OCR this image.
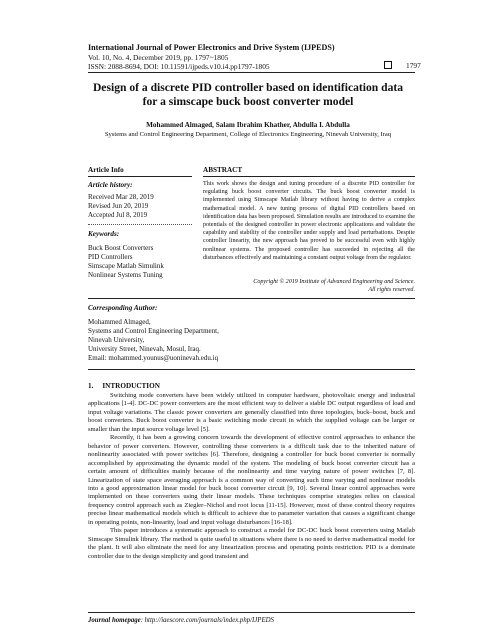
International Journal of Power Electronics and Drive System (IJPEDS)
Vol. 10, No. 4, December 2019, pp. 1797~1805
ISSN: 2088-8694, DOI: 10.11591/ijpeds.v10.i4.pp1797-1805	1797
Design of a discrete PID controller based on identification data
for a simscape buck boost converter model
Mohammed Almaged, Salam Ibrahim Khather, Abdulla I. Abdulla
Systems and Control Engineering Department, College of Electronics Engineering, Ninevah University, Iraq
Article Info	ABSTRACT
Article history:
Received Mar 28, 2019
Revised Jun 20, 2019
Accepted Jul 8, 2019
Keywords:
Buck Boost Converters
PID Controllers
Simscape Matlab Simulink
Nonlinear Systems Tuning
This work shows the design and tuning procedure of a discrete PID controller for regulating buck boost converter circuits. The buck boost converter model is implemented using Simscape Matlab library without having to derive a complex mathematical model. A new tuning process of digital PID controllers based on identification data has been proposed. Simulation results are introduced to examine the potentials of the designed controller in power electronic applications and validate the capability and stability of the controller under supply and load perturbations. Despite controller linearity, the new approach has proved to be successful even with highly nonlinear systems. The proposed controller has succeeded in rejecting all the disturbances effectively and maintaining a constant output voltage from the regulator.
Copyright © 2019 Institute of Advanced Engineering and Science.
All rights reserved.
Corresponding Author:
Mohammed Almaged,
Systems and Control Engineering Department,
Ninevah University,
University Street, Ninevah, Mosul, Iraq.
Email: mohammed.younus@uoninevah.edu.iq
1.     INTRODUCTION

Switching mode converters have been widely utilized in computer hardware, photovoltaic energy and industrial applications [1-4]. DC-DC power converters are the most efficient way to deliver a stable DC output regardless of load and input voltage variations. The classic power converters are generally classified into three topologies, buck–boost, buck and boost converters. Buck boost converter is a basic switching mode circuit in which the supplied voltage can be larger or smaller than the input source voltage level [5].

Recently, it has been a growing concern towards the development of effective control approaches to enhance the behavior of power converters. However, controlling these converters is a difficult task due to the inherited nature of nonlinearity associated with power switches [6]. Therefore, designing a controller for buck boost converter is normally accomplished by approximating the dynamic model of the system. The modeling of buck boost converter circuit has a certain amount of difficulties mainly because of the nonlinearity and time varying nature of power switches [7, 8]. Linearization of state space averaging approach is a common way of converting such time varying and nonlinear models into a good approximation linear model for buck boost converter circuit [9, 10]. Several linear control approaches were implemented on these converters using their linear models. These techniques comprise strategies relies on classical frequency control approach such as Ziegler–Nichol and root locus [11-15]. However, most of these control theory requires precise linear mathematical models which is difficult to achieve due to parameter variation that causes a significant change in operating points, non-linearity, load and input voltage disturbances [16-18].

This paper introduces a systematic approach to construct a model for DC-DC buck boost converters using Matlab Simscape Simulink library. The method is quite useful in situations where there is no need to derive mathematical model for the plant. It will also eliminate the need for any linearization process and operating points restriction. PID is a dominate controller due to the design simplicity and good transient and

Journal homepage: http://iaescore.com/journals/index.php/IJPEDS
